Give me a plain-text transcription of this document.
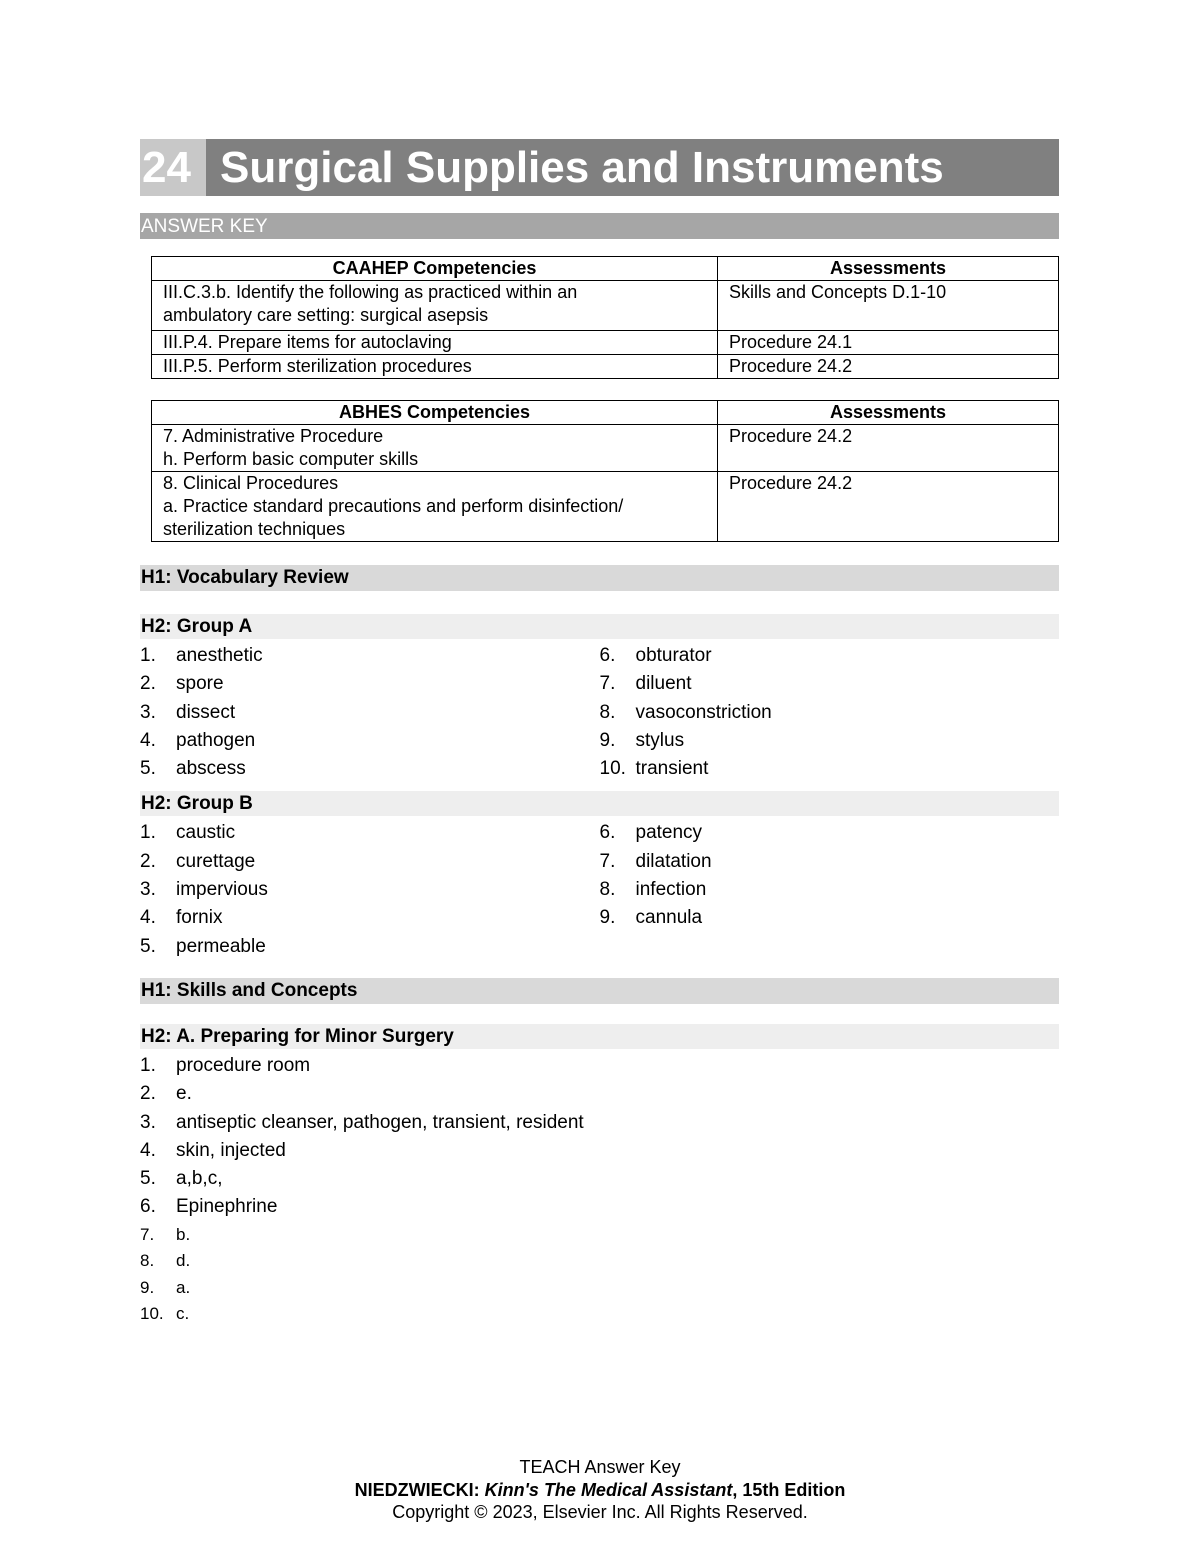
24 Surgical Supplies and Instruments
ANSWER KEY
CAAHEP Competencies	Assessments

III.C.3.b. Identify the following as practiced within an
ambulatory care setting: surgical asepsis	Skills and Concepts D.1-10

III.P.4. Prepare items for autoclaving	Procedure 24.1

III.P.5. Perform sterilization procedures	Procedure 24.2
ABHES Competencies	Assessments

7. Administrative Procedure
h. Perform basic computer skills	Procedure 24.2

8. Clinical Procedures
a. Practice standard precautions and perform disinfection/
sterilization techniques	Procedure 24.2
H1: Vocabulary Review
H2: Group A
1.	anesthetic
2.	spore
3.	dissect
4.	pathogen
5.	abscess
6.	obturator
7.	diluent
8.	vasoconstriction
9.	stylus
10. transient
H2: Group B
1.	caustic
2.	curettage
3.	impervious
4.	fornix
5.	permeable
6.	patency
7.	dilatation
8.	infection
9.	cannula
H1: Skills and Concepts
H2: A. Preparing for Minor Surgery
1.	procedure room
2.	e.
3.	antiseptic cleanser, pathogen, transient, resident
4.	skin, injected
5.	a,b,c,
6.	Epinephrine
7.	b.
8.	d.
9.	a.
10. c.
TEACH Answer Key
NIEDZWIECKI: Kinn's The Medical Assistant, 15th Edition
Copyright © 2023, Elsevier Inc. All Rights Reserved.
